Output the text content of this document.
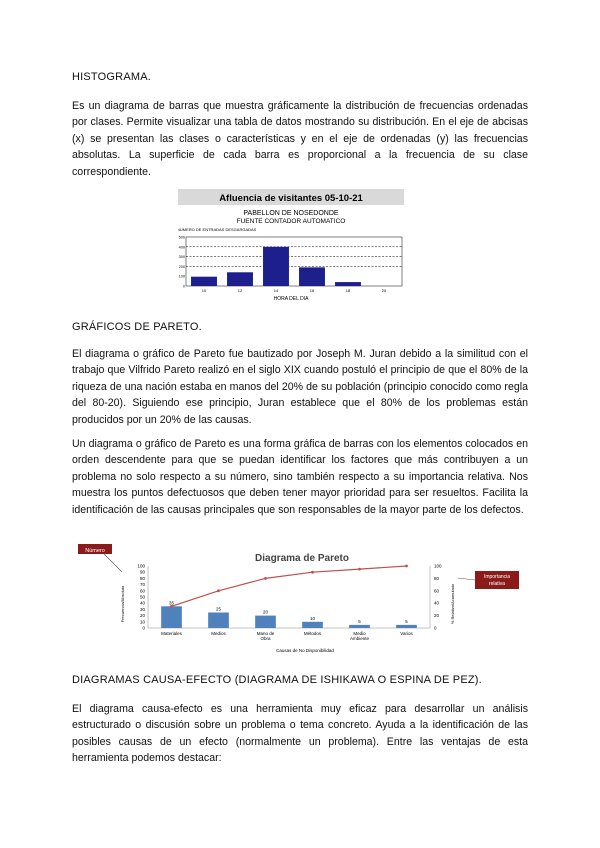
HISTOGRAMA.
Es un diagrama de barras que muestra gráficamente la distribución de frecuencias ordenadas por clases. Permite visualizar una tabla de datos mostrando su distribución. En el eje de abcisas (x) se presentan las clases o características y en el eje de ordenadas (y) las frecuencias absolutas. La superficie de cada barra es proporcional a la frecuencia de su clase correspondiente.
Afluencia de visitantes 05-10-21
PABELLON DE NOSEDONDE
FUENTE CONTADOR AUTOMATICO
NUMERO DE ENTRADAS DESGARGADAS
500
400
300
200
100
0
10	12	14	16	18	20
HORA DEL DIA
GRÁFICOS DE PARETO.
El diagrama o gráfico de Pareto fue bautizado por Joseph M. Juran debido a la similitud con el trabajo que Vilfrido Pareto realizó en el siglo XIX cuando postuló el principio de que el 80% de la riqueza de una nación estaba en manos del 20% de su población (principio conocido como regla del 80-20). Siguiendo ese principio, Juran establece que el 80% de los problemas están producidos por un 20% de las causas.
Un diagrama o gráfico de Pareto es una forma gráfica de barras con los elementos colocados en orden descendente para que se puedan identificar los factores que más contribuyen a un problema no solo respecto a su número, sino también respecto a su importancia relativa. Nos muestra los puntos defectuosos que deben tener mayor prioridad para ser resueltos. Facilita la identificación de las causas principales que son responsables de la mayor parte de los defectos.
Número
Diagrama de Pareto
35
25
20
10
5	5
100
90
80
70
60
50
40
30
20
10
0
100
80
60
40
20
0
Materiales	Medios	Mano de
Obra
Métodos	Medio
Ambiente
Varios
Frecuencia/Absoluta	% Relativo/Acumulado
Causas de No Disponibilidad
Importancia
relativa
DIAGRAMAS CAUSA-EFECTO (DIAGRAMA DE ISHIKAWA O ESPINA DE PEZ).
El diagrama causa-efecto es una herramienta muy eficaz para desarrollar un análisis estructurado o discusión sobre un problema o tema concreto. Ayuda a la identificación de las posibles causas de un efecto (normalmente un problema). Entre las ventajas de esta herramienta podemos destacar:
